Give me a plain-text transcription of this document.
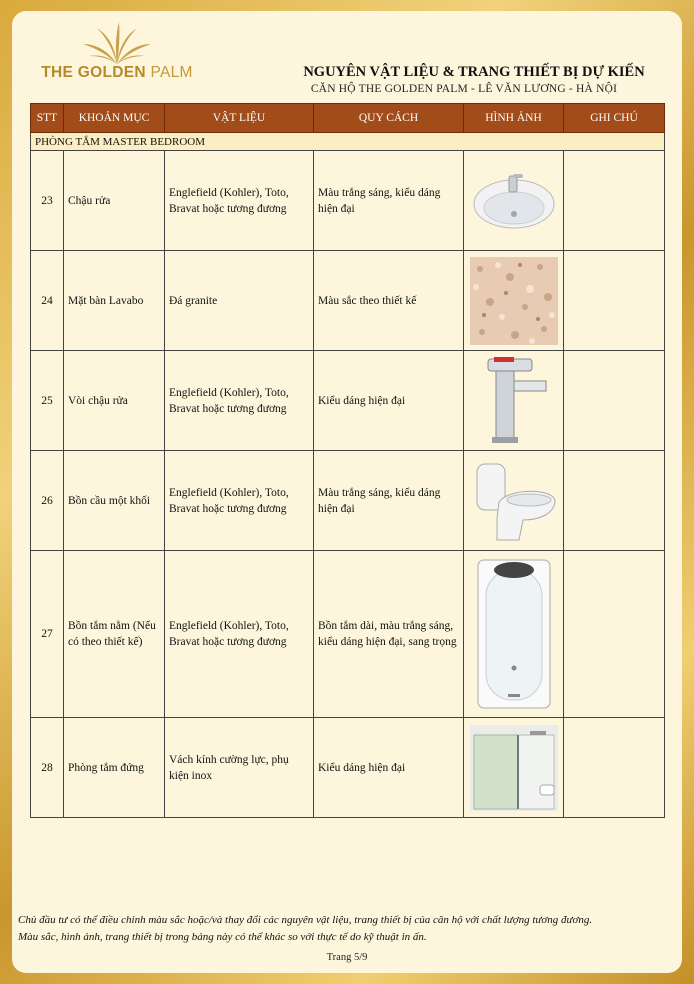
THE GOLDEN PALM	NGUYÊN VẬT LIỆU & TRANG THIẾT BỊ DỰ KIẾN
CĂN HỘ THE GOLDEN PALM - LÊ VĂN LƯƠNG - HÀ NỘI
STT	KHOẢN MỤC	VẬT LIỆU	QUY CÁCH	HÌNH ẢNH	GHI CHÚ
PHÒNG TẮM MASTER BEDROOM					
23	Chậu rửa	Englefield (Kohler), Toto, Bravat hoặc tương đương	Màu trắng sáng, kiểu dáng hiện đại	

24	Mặt bàn Lavabo	Đá granite	Màu sắc theo thiết kế	

25	Vòi chậu rửa	Englefield (Kohler), Toto, Bravat hoặc tương đương	Kiểu dáng hiện đại	

26	Bồn cầu một khối	Englefield (Kohler), Toto, Bravat hoặc tương đương	Màu trắng sáng, kiểu dáng hiện đại	

27	Bồn tắm nằm (Nếu có theo thiết kế)	Englefield (Kohler), Toto, Bravat hoặc tương đương	Bồn tắm dài, màu trắng sáng, kiểu dáng hiện đại, sang trọng	

28	Phòng tắm đứng	Vách kính cường lực, phụ kiện inox	Kiểu dáng hiện đại	

Chủ đầu tư có thể điều chỉnh màu sắc hoặc/và thay đổi các nguyên vật liệu, trang thiết bị của căn hộ với chất lượng tương đương.
Màu sắc, hình ảnh, trang thiết bị trong bảng này có thể khác so với thực tế do kỹ thuật in ấn.
Trang 5/9
